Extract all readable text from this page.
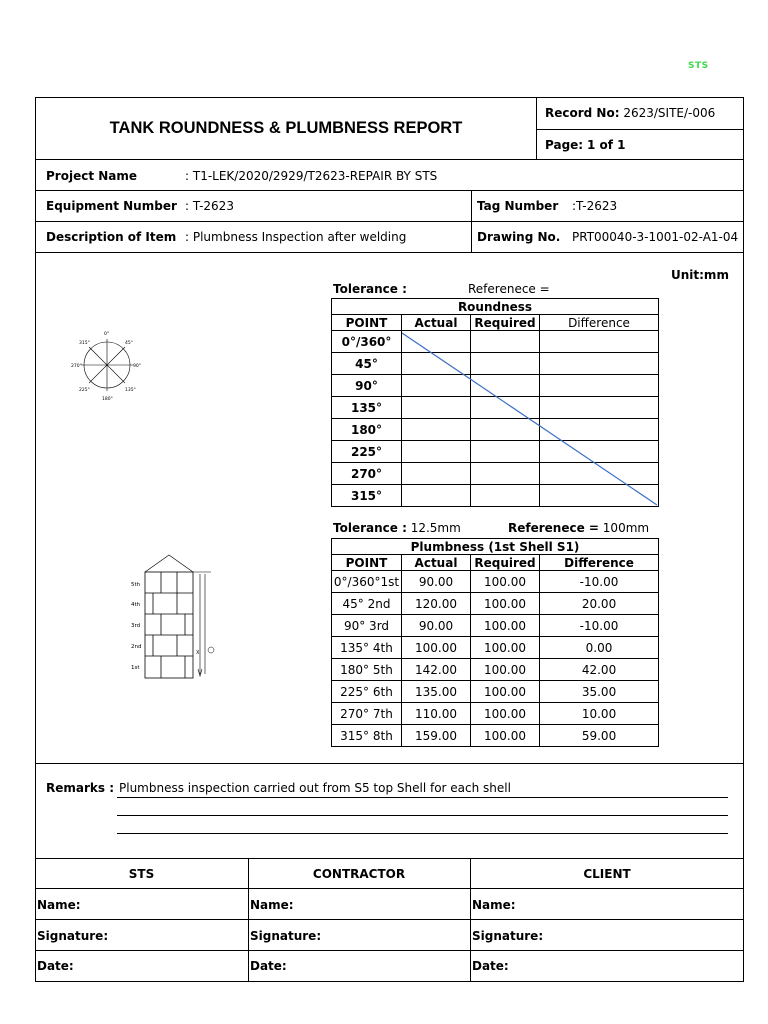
STS
TANK ROUNDNESS & PLUMBNESS REPORT
Record No: 2623/SITE/-006
Page: 1 of 1
Project Name	: T1-LEK/2020/2929/T2623-REPAIR BY STS
Equipment Number : T-2623	Tag Number :T-2623
Description of Item : Plumbness Inspection after welding	Drawing No. PRT00040-3-1001-02-A1-04
Unit:mm
0°
45°
90°
135°
180°
225°
270°
315°
X
5th
4th
3rd
2nd
1st
Tolerance :	Referenece =
Roundness			
POINT	Actual	Required	Difference
0°/360°			
45°			
90°			
135°			
180°			
225°			
270°			
315°			
Tolerance : 12.5mm	Referenece = 100mm
Plumbness (1st Shell S1)			
POINT	Actual	Required	Difference
0°/360°1st	90.00	100.00	-10.00
45° 2nd	120.00	100.00	20.00
90° 3rd	90.00	100.00	-10.00
135° 4th	100.00	100.00	0.00
180° 5th	142.00	100.00	42.00
225° 6th	135.00	100.00	35.00
270° 7th	110.00	100.00	10.00
315° 8th	159.00	100.00	59.00
Remarks : Plumbness inspection carried out from S5 top Shell for each shell
STS	CONTRACTOR	CLIENT
Name:	Name:	Name:
Signature:	Signature:	Signature:
Date:	Date:	Date:
